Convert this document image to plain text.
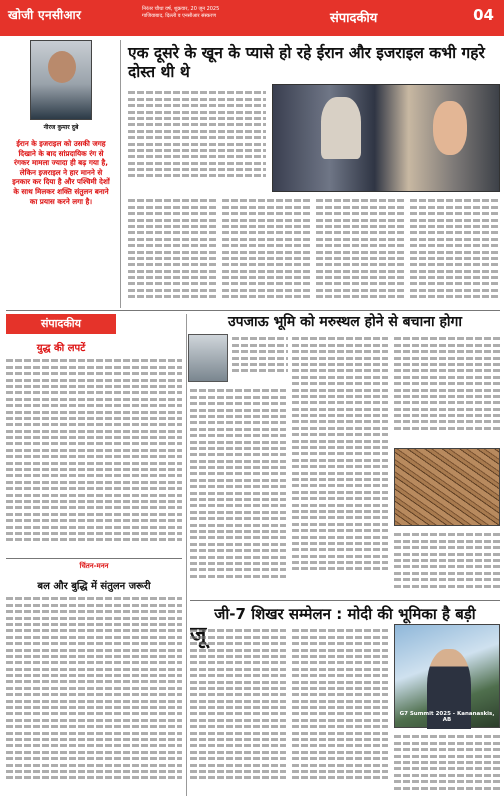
खोजी एनसीआर	निरंतर चौथा वर्ष, शुक्रवार, 20 जून 2025
गाजियाबाद, दिल्ली व एनसीआर संस्करण	संपादकीय	04
नीरज कुमार दुबे
ईरान के इजराइल को उसकी जगह दिखाने के बाद सांप्रदायिक रंग से रंगकर मामला ज्यादा ही बढ़ गया है, लेकिन इजराइल ने हार मानने से इनकार कर दिया है और पश्चिमी देशों के साथ मिलकर शक्ति संतुलन बनाने का प्रयास करने लगा है।
एक दूसरे के खून के प्यासे हो रहे ईरान और इजराइल कभी गहरे दोस्त थी थे
संपादकीय
युद्ध की लपटें
चिंतन-मनन
बल और बुद्धि में संतुलन जरूरी
उपजाऊ भूमि को मरुस्थल होने से बचाना होगा
जी-7 शिखर सम्मेलन : मोदी की भूमिका है बड़ी
G7 Summit 2025 - Kananaskis, AB
